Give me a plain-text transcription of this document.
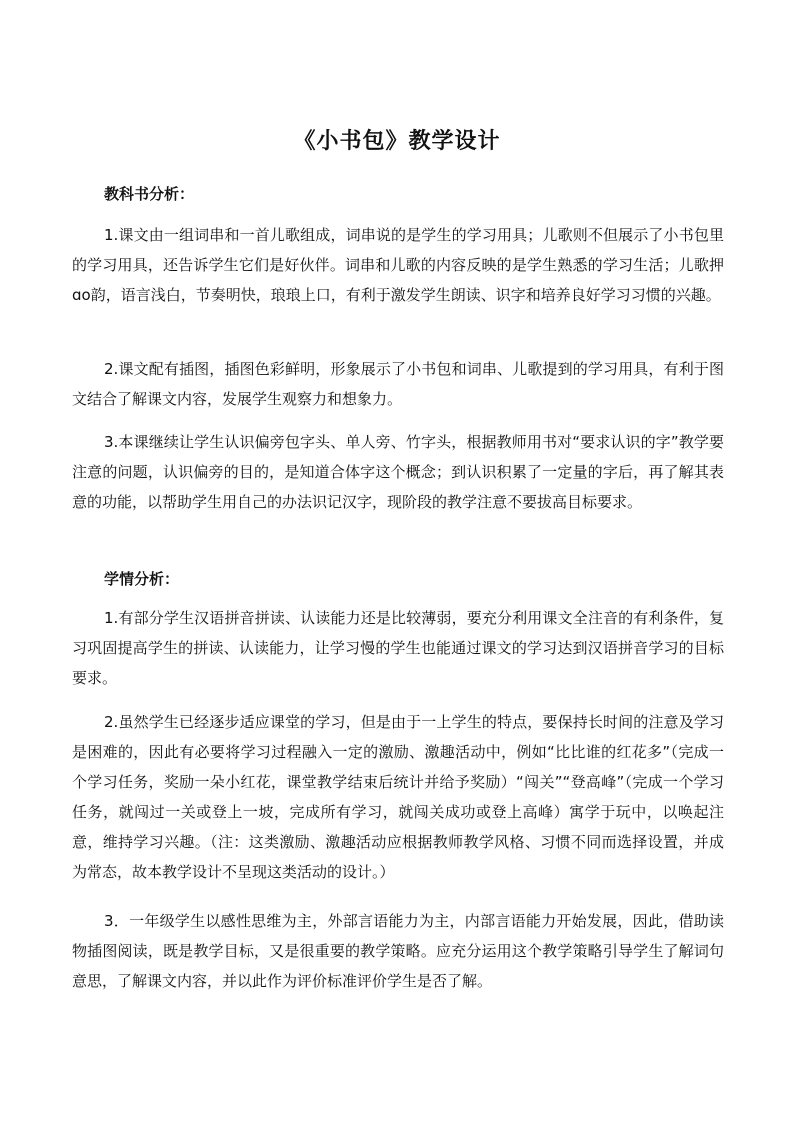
《小书包》教学设计
教科书分析：

1.课文由一组词串和一首儿歌组成，词串说的是学生的学习用具；儿歌则不但展示了小书包里的学习用具，还告诉学生它们是好伙伴。词串和儿歌的内容反映的是学生熟悉的学习生活；儿歌押ɑo韵，语言浅白，节奏明快，琅琅上口，有利于激发学生朗读、识字和培养良好学习习惯的兴趣。

2.课文配有插图，插图色彩鲜明，形象展示了小书包和词串、儿歌提到的学习用具，有利于图文结合了解课文内容，发展学生观察力和想象力。

3.本课继续让学生认识偏旁包字头、单人旁、竹字头，根据教师用书对“要求认识的字”教学要注意的问题，认识偏旁的目的，是知道合体字这个概念；到认识积累了一定量的字后，再了解其表意的功能，以帮助学生用自己的办法识记汉字，现阶段的教学注意不要拔高目标要求。

学情分析：

1.有部分学生汉语拼音拼读、认读能力还是比较薄弱，要充分利用课文全注音的有利条件，复习巩固提高学生的拼读、认读能力，让学习慢的学生也能通过课文的学习达到汉语拼音学习的目标要求。

2.虽然学生已经逐步适应课堂的学习，但是由于一上学生的特点，要保持长时间的注意及学习是困难的，因此有必要将学习过程融入一定的激励、激趣活动中，例如“比比谁的红花多”（完成一个学习任务，奖励一朵小红花，课堂教学结束后统计并给予奖励）“闯关”“登高峰”（完成一个学习任务，就闯过一关或登上一坡，完成所有学习，就闯关成功或登上高峰）寓学于玩中，以唤起注意，维持学习兴趣。（注：这类激励、激趣活动应根据教师教学风格、习惯不同而选择设置，并成为常态，故本教学设计不呈现这类活动的设计。）

3．一年级学生以感性思维为主，外部言语能力为主，内部言语能力开始发展，因此，借助读物插图阅读，既是教学目标，又是很重要的教学策略。应充分运用这个教学策略引导学生了解词句意思，了解课文内容，并以此作为评价标准评价学生是否了解。
